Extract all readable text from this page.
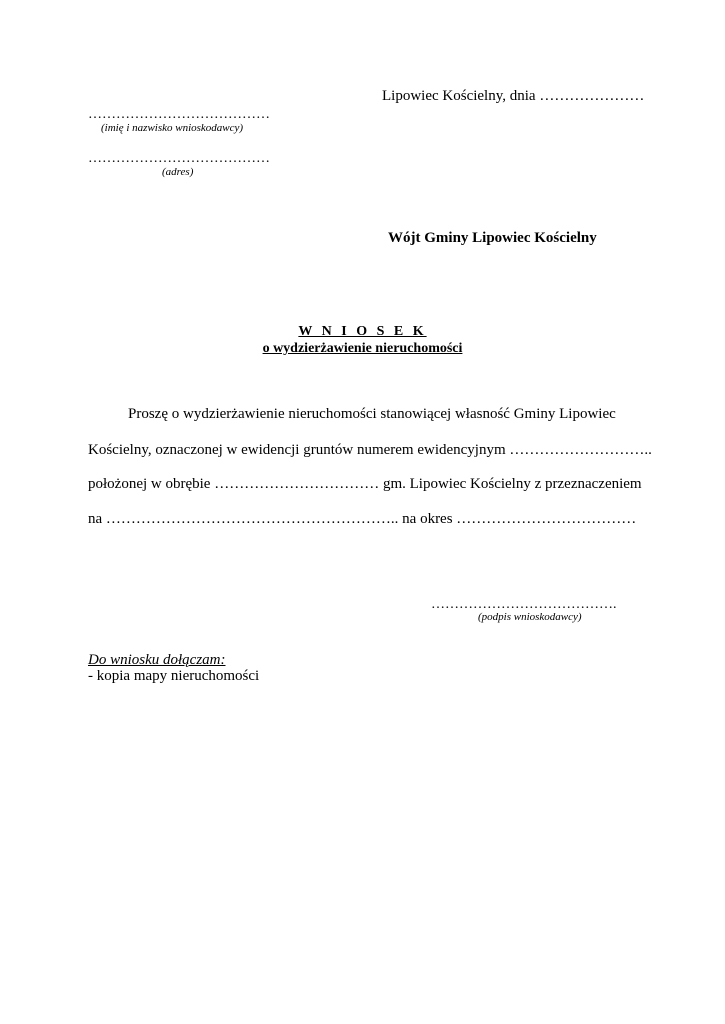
Lipowiec Kościelny, dnia …………………
…………………………………
(imię i nazwisko wnioskodawcy)
…………………………………
(adres)
Wójt Gminy Lipowiec Kościelny
W N I O S E K
o wydzierżawienie nieruchomości
Proszę o wydzierżawienie nieruchomości stanowiącej własność Gminy Lipowiec
Kościelny, oznaczonej w ewidencji gruntów numerem ewidencyjnym ………………………..
położonej w obrębie …………………………… gm. Lipowiec Kościelny z przeznaczeniem
na ………………………………………………….. na okres ………………………………
………………………………….
(podpis wnioskodawcy)
Do wniosku dołączam:
- kopia mapy nieruchomości
